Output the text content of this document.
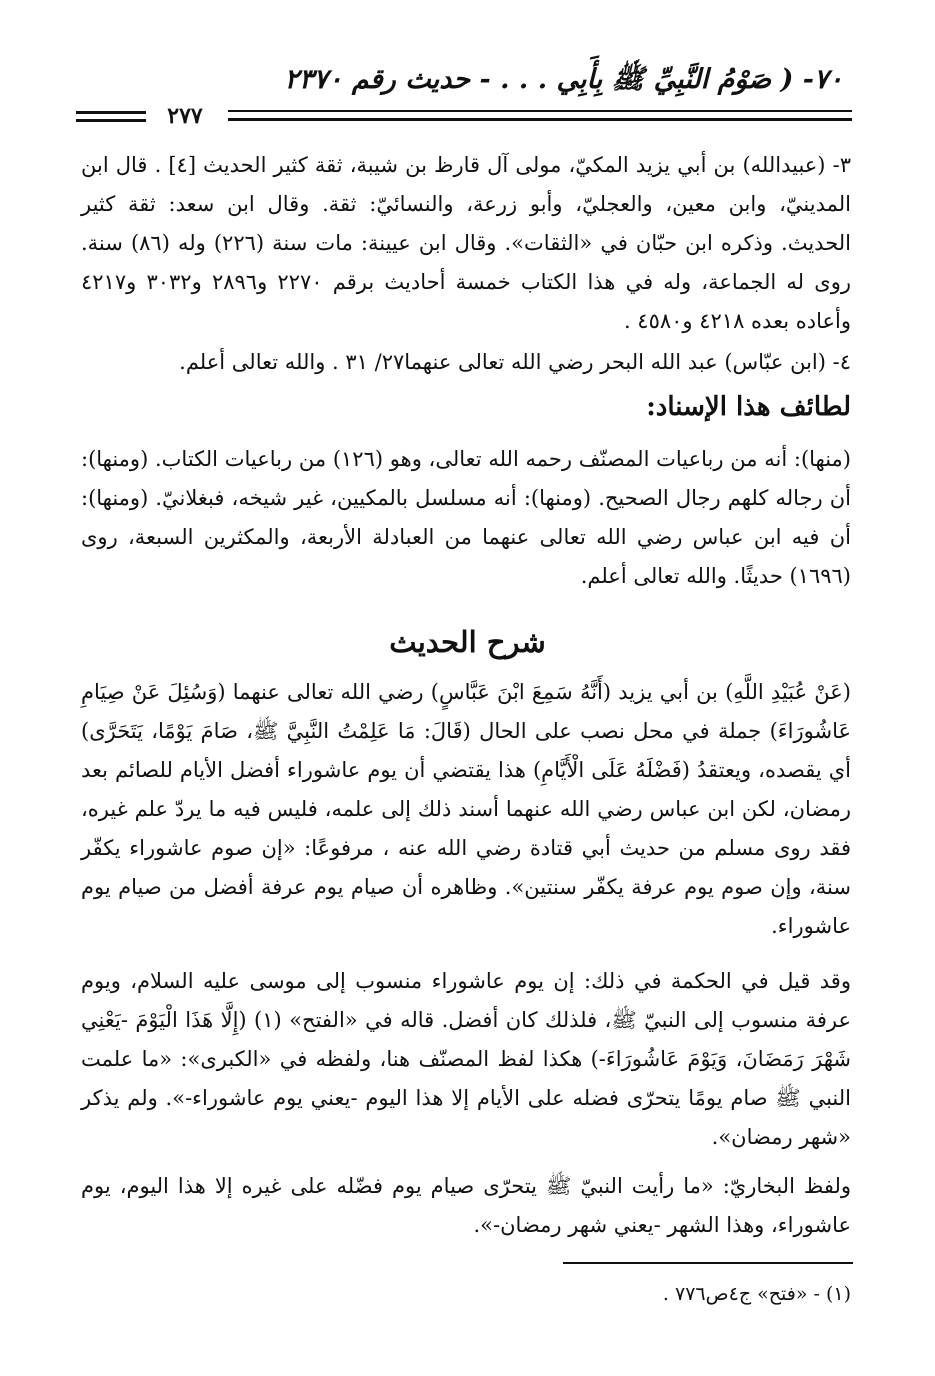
٧٠- ( صَوْمُ النَّبِيِّ ﷺ بِأَبِي . . . - حديث رقم ٢٣٧٠
٢٧٧

٣- (عبيدالله) بن أبي يزيد المكيّ، مولى آل قارظ بن شيبة، ثقة كثير الحديث [٤] . قال ابن المدينيّ، وابن معين، والعجليّ، وأبو زرعة، والنسائيّ: ثقة. وقال ابن سعد: ثقة كثير الحديث. وذكره ابن حبّان في «الثقات». وقال ابن عيينة: مات سنة (٢٢٦) وله (٨٦) سنة. روى له الجماعة، وله في هذا الكتاب خمسة أحاديث برقم ٢٢٧٠ و٢٨٩٦ و٣٠٣٢ و٤٢١٧ وأعاده بعده ٤٢١٨ و٤٥٨٠ .

٤- (ابن عبّاس) عبد الله البحر رضي الله تعالى عنهما٢٧/ ٣١ . والله تعالى أعلم.

لطائف هذا الإسناد:

(منها): أنه من رباعيات المصنّف رحمه الله تعالى، وهو (١٢٦) من رباعيات الكتاب. (ومنها): أن رجاله كلهم رجال الصحيح. (ومنها): أنه مسلسل بالمكيين، غير شيخه، فبغلانيّ. (ومنها): أن فيه ابن عباس رضي الله تعالى عنهما من العبادلة الأربعة، والمكثرين السبعة، روى (١٦٩٦) حديثًا. والله تعالى أعلم.

شرح الحديث

(عَنْ عُبَيْدِ اللَّهِ) بن أبي يزيد (أَنَّهُ سَمِعَ ابْنَ عَبَّاسٍ) رضي الله تعالى عنهما (وَسُئِلَ عَنْ صِيَامِ عَاشُورَاءَ) جملة في محل نصب على الحال (قَالَ: مَا عَلِمْتُ النَّبِيَّ ﷺ، صَامَ يَوْمًا، يَتَحَرَّى) أي يقصده، ويعتقدُ (فَضْلَهُ عَلَى الْأَيَّامِ) هذا يقتضي أن يوم عاشوراء أفضل الأيام للصائم بعد رمضان، لكن ابن عباس رضي الله عنهما أسند ذلك إلى علمه، فليس فيه ما يردّ علم غيره، فقد روى مسلم من حديث أبي قتادة رضي الله عنه ، مرفوعًا: «إن صوم عاشوراء يكفّر سنة، وإن صوم يوم عرفة يكفّر سنتين». وظاهره أن صيام يوم عرفة أفضل من صيام يوم عاشوراء.

وقد قيل في الحكمة في ذلك: إن يوم عاشوراء منسوب إلى موسى عليه السلام، ويوم عرفة منسوب إلى النبيّ ﷺ، فلذلك كان أفضل. قاله في «الفتح» (١) (إِلَّا هَذَا الْيَوْمَ -يَعْنِي شَهْرَ رَمَضَانَ، وَيَوْمَ عَاشُورَاءَ-) هكذا لفظ المصنّف هنا، ولفظه في «الكبرى»: «ما علمت النبي ﷺ صام يومًا يتحرّى فضله على الأيام إلا هذا اليوم -يعني يوم عاشوراء-». ولم يذكر «شهر رمضان».

ولفظ البخاريّ: «ما رأيت النبيّ ﷺ يتحرّى صيام يوم فضّله على غيره إلا هذا اليوم، يوم عاشوراء، وهذا الشهر -يعني شهر رمضان-».

(١) - «فتح» ج٤ص٧٧٦ .
